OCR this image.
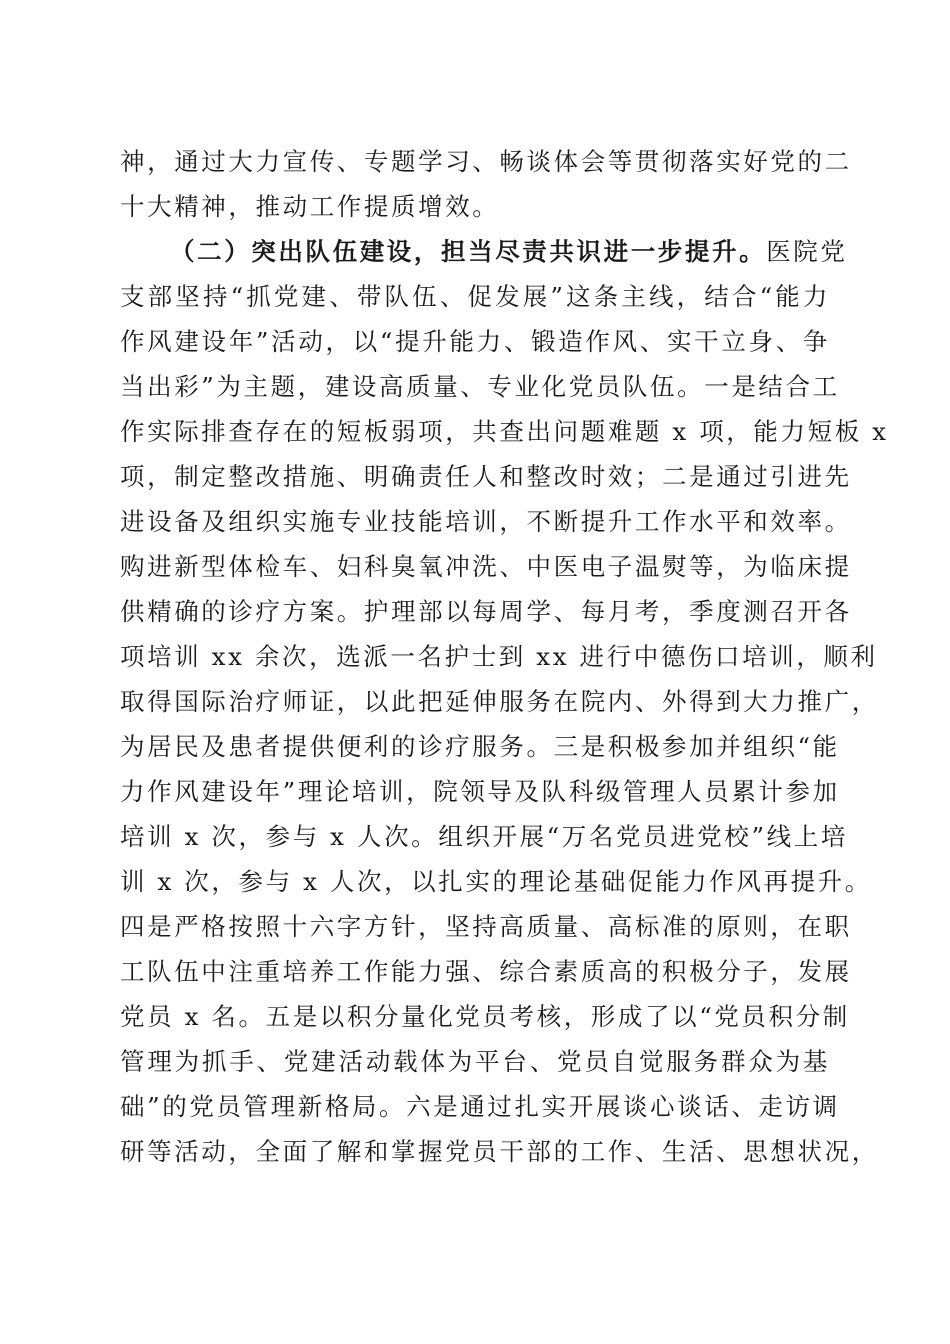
神，通过大力宣传、专题学习、畅谈体会等贯彻落实好党的二
十大精神，推动工作提质增效。
（二）突出队伍建设，担当尽责共识进一步提升。医院党
支部坚持“抓党建、带队伍、促发展”这条主线，结合“能力
作风建设年”活动，以“提升能力、锻造作风、实干立身、争
当出彩”为主题，建设高质量、专业化党员队伍。一是结合工
作实际排查存在的短板弱项，共查出问题难题 x 项，能力短板 x
项，制定整改措施、明确责任人和整改时效；二是通过引进先
进设备及组织实施专业技能培训，不断提升工作水平和效率。
购进新型体检车、妇科臭氧冲洗、中医电子温熨等，为临床提
供精确的诊疗方案。护理部以每周学、每月考，季度测召开各
项培训 xx 余次，选派一名护士到 xx 进行中德伤口培训，顺利
取得国际治疗师证，以此把延伸服务在院内、外得到大力推广，
为居民及患者提供便利的诊疗服务。三是积极参加并组织“能
力作风建设年”理论培训，院领导及队科级管理人员累计参加
培训 x 次，参与 x 人次。组织开展“万名党员进党校”线上培
训 x 次，参与 x 人次，以扎实的理论基础促能力作风再提升。
四是严格按照十六字方针，坚持高质量、高标准的原则，在职
工队伍中注重培养工作能力强、综合素质高的积极分子，发展
党员 x 名。五是以积分量化党员考核，形成了以“党员积分制
管理为抓手、党建活动载体为平台、党员自觉服务群众为基
础”的党员管理新格局。六是通过扎实开展谈心谈话、走访调
研等活动，全面了解和掌握党员干部的工作、生活、思想状况，
